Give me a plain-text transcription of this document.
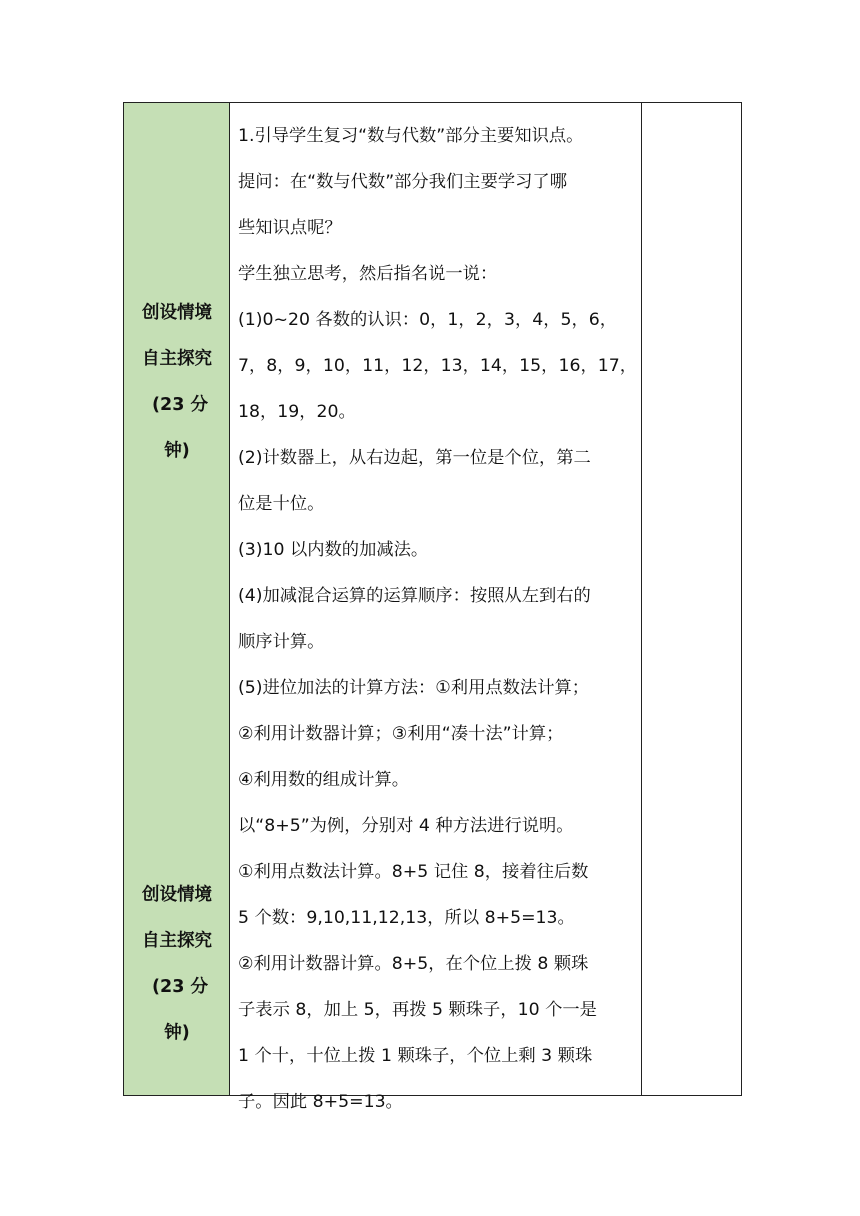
创设情境
自主探究
(23 分
钟)
创设情境
自主探究
(23 分
钟)
1.引导学生复习“数与代数”部分主要知识点。
提问：在“数与代数”部分我们主要学习了哪
些知识点呢？
学生独立思考，然后指名说一说：
(1)0~20 各数的认识：0，1，2，3，4，5，6，
7，8，9，10，11，12，13，14，15，16，17，
18，19，20。
(2)计数器上，从右边起，第一位是个位，第二
位是十位。
(3)10 以内数的加减法。
(4)加减混合运算的运算顺序：按照从左到右的
顺序计算。
(5)进位加法的计算方法：①利用点数法计算；
②利用计数器计算；③利用“凑十法”计算；
④利用数的组成计算。
以“8+5”为例，分别对 4 种方法进行说明。
①利用点数法计算。8+5 记住 8，接着往后数
5 个数：9,10,11,12,13，所以 8+5=13。
②利用计数器计算。8+5，在个位上拨 8 颗珠
子表示 8，加上 5，再拨 5 颗珠子，10 个一是
1 个十，十位上拨 1 颗珠子，个位上剩 3 颗珠
子。因此 8+5=13。
